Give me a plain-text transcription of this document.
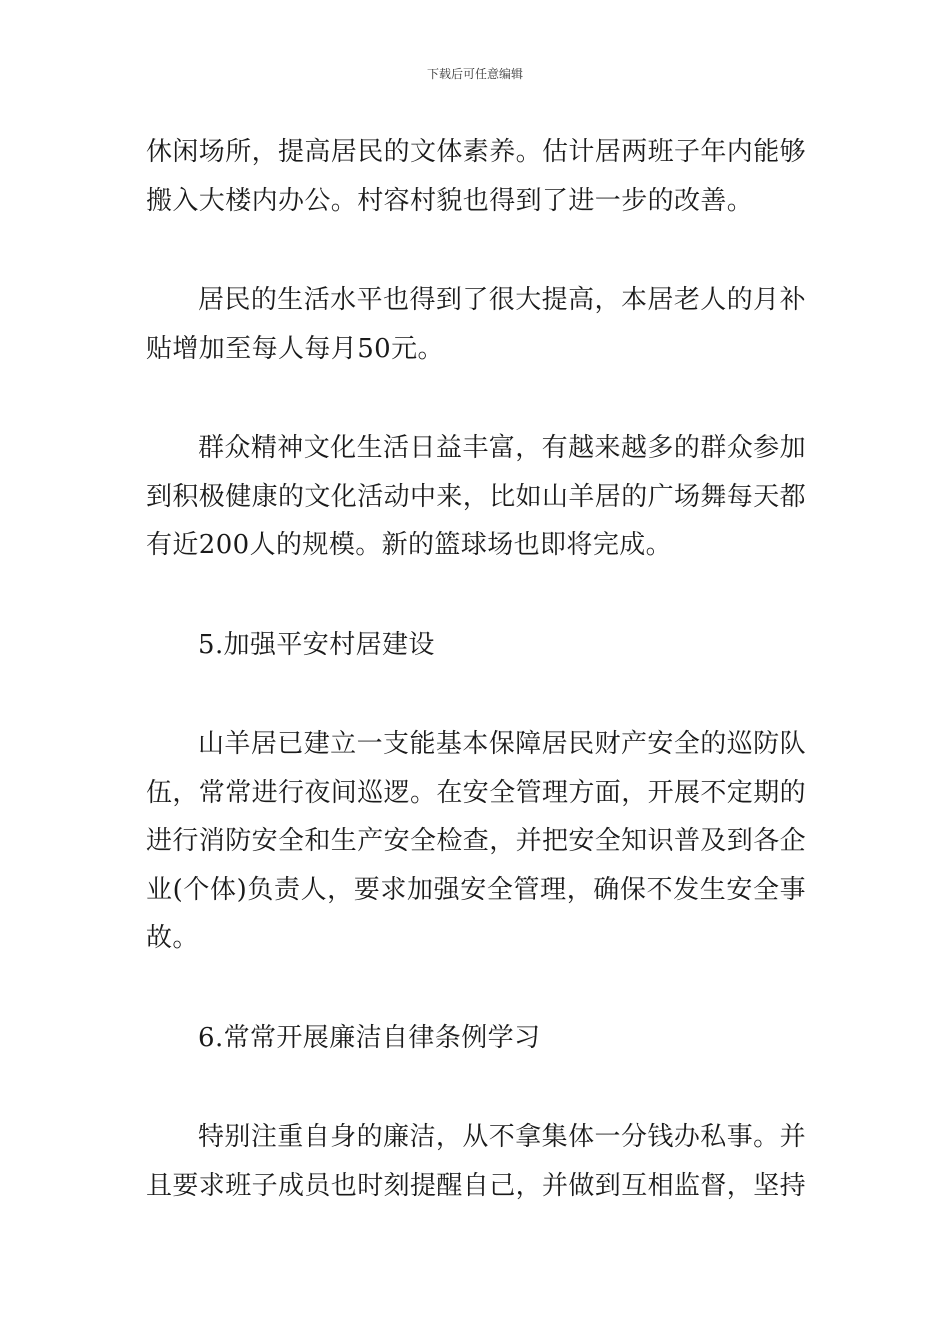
下载后可任意编辑

休闲场所，提高居民的文体素养。估计居两班子年内能够搬入大楼内办公。村容村貌也得到了进一步的改善。

居民的生活水平也得到了很大提高，本居老人的月补贴增加至每人每月50元。

群众精神文化生活日益丰富，有越来越多的群众参加到积极健康的文化活动中来，比如山羊居的广场舞每天都有近200人的规模。新的篮球场也即将完成。

5.加强平安村居建设

山羊居已建立一支能基本保障居民财产安全的巡防队伍，常常进行夜间巡逻。在安全管理方面，开展不定期的进行消防安全和生产安全检查，并把安全知识普及到各企业(个体)负责人，要求加强安全管理，确保不发生安全事故。

6.常常开展廉洁自律条例学习

特别注重自身的廉洁，从不拿集体一分钱办私事。并且要求班子成员也时刻提醒自己，并做到互相监督，坚持
